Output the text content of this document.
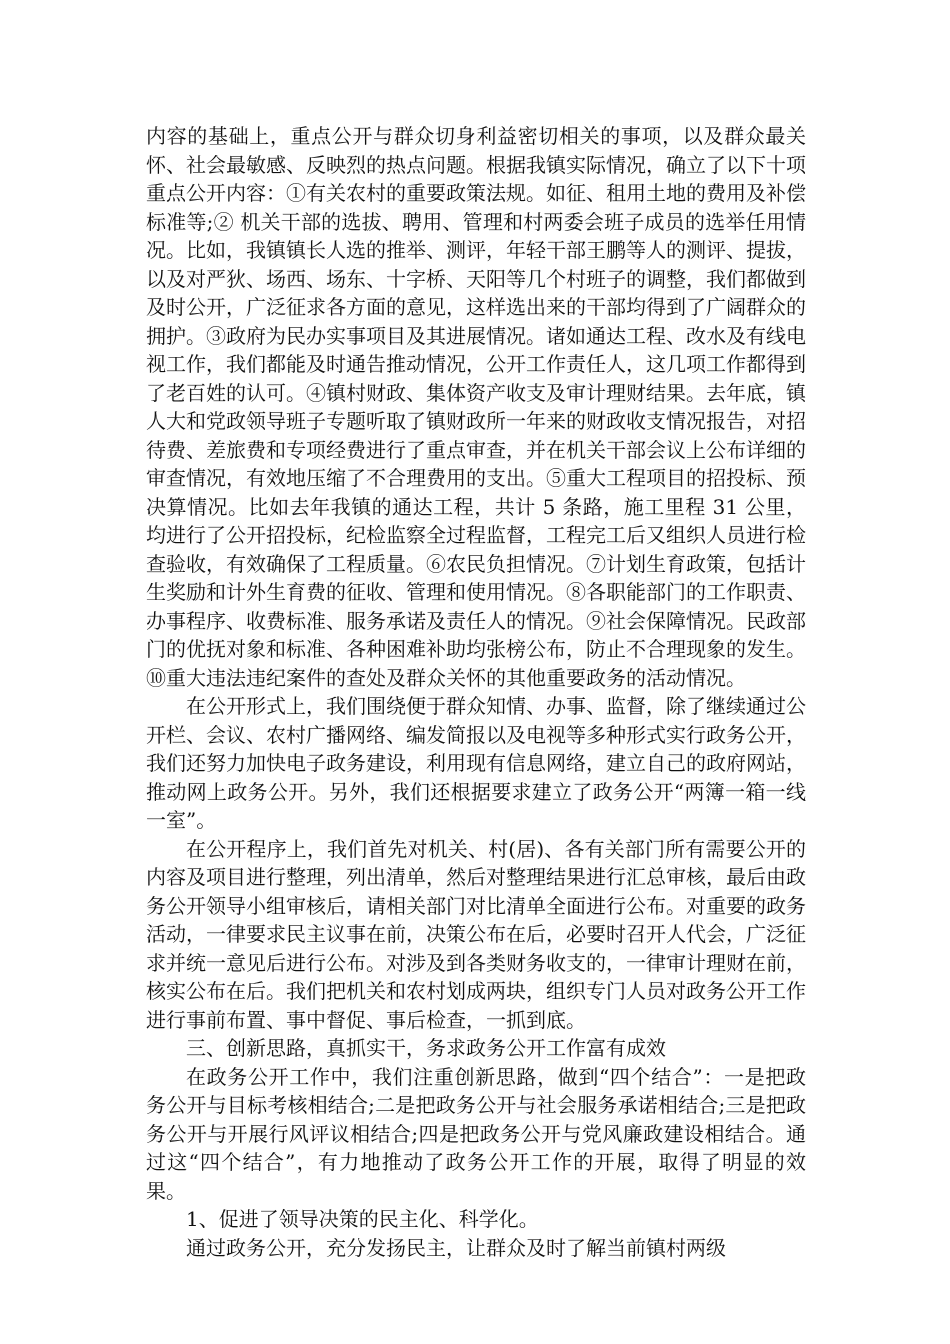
内容的基础上，重点公开与群众切身利益密切相关的事项，以及群众最关怀、社会最敏感、反映烈的热点问题。根据我镇实际情况，确立了以下十项重点公开内容：①有关农村的重要政策法规。如征、租用土地的费用及补偿标准等;② 机关干部的选拔、聘用、管理和村两委会班子成员的选举任用情况。比如，我镇镇长人选的推举、测评，年轻干部王鹏等人的测评、提拔，以及对严狄、场西、场东、十字桥、天阳等几个村班子的调整，我们都做到及时公开，广泛征求各方面的意见，这样选出来的干部均得到了广阔群众的拥护。③政府为民办实事项目及其进展情况。诸如通达工程、改水及有线电视工作，我们都能及时通告推动情况，公开工作责任人，这几项工作都得到了老百姓的认可。④镇村财政、集体资产收支及审计理财结果。去年底，镇人大和党政领导班子专题听取了镇财政所一年来的财政收支情况报告，对招待费、差旅费和专项经费进行了重点审查，并在机关干部会议上公布详细的审查情况，有效地压缩了不合理费用的支出。⑤重大工程项目的招投标、预决算情况。比如去年我镇的通达工程，共计 5 条路，施工里程 31 公里，均进行了公开招投标，纪检监察全过程监督，工程完工后又组织人员进行检查验收，有效确保了工程质量。⑥农民负担情况。⑦计划生育政策，包括计生奖励和计外生育费的征收、管理和使用情况。⑧各职能部门的工作职责、办事程序、收费标准、服务承诺及责任人的情况。⑨社会保障情况。民政部门的优抚对象和标准、各种困难补助均张榜公布，防止不合理现象的发生。⑩重大违法违纪案件的查处及群众关怀的其他重要政务的活动情况。

在公开形式上，我们围绕便于群众知情、办事、监督，除了继续通过公开栏、会议、农村广播网络、编发简报以及电视等多种形式实行政务公开，我们还努力加快电子政务建设，利用现有信息网络，建立自己的政府网站，推动网上政务公开。另外，我们还根据要求建立了政务公开“两簿一箱一线一室”。

在公开程序上，我们首先对机关、村(居)、各有关部门所有需要公开的内容及项目进行整理，列出清单，然后对整理结果进行汇总审核，最后由政务公开领导小组审核后，请相关部门对比清单全面进行公布。对重要的政务活动，一律要求民主议事在前，决策公布在后，必要时召开人代会，广泛征求并统一意见后进行公布。对涉及到各类财务收支的，一律审计理财在前，核实公布在后。我们把机关和农村划成两块，组织专门人员对政务公开工作进行事前布置、事中督促、事后检查，一抓到底。

三、创新思路，真抓实干，务求政务公开工作富有成效

在政务公开工作中，我们注重创新思路，做到“四个结合”：一是把政务公开与目标考核相结合;二是把政务公开与社会服务承诺相结合;三是把政务公开与开展行风评议相结合;四是把政务公开与党风廉政建设相结合。通过这“四个结合”，有力地推动了政务公开工作的开展，取得了明显的效果。

1、促进了领导决策的民主化、科学化。

通过政务公开，充分发扬民主，让群众及时了解当前镇村两级
